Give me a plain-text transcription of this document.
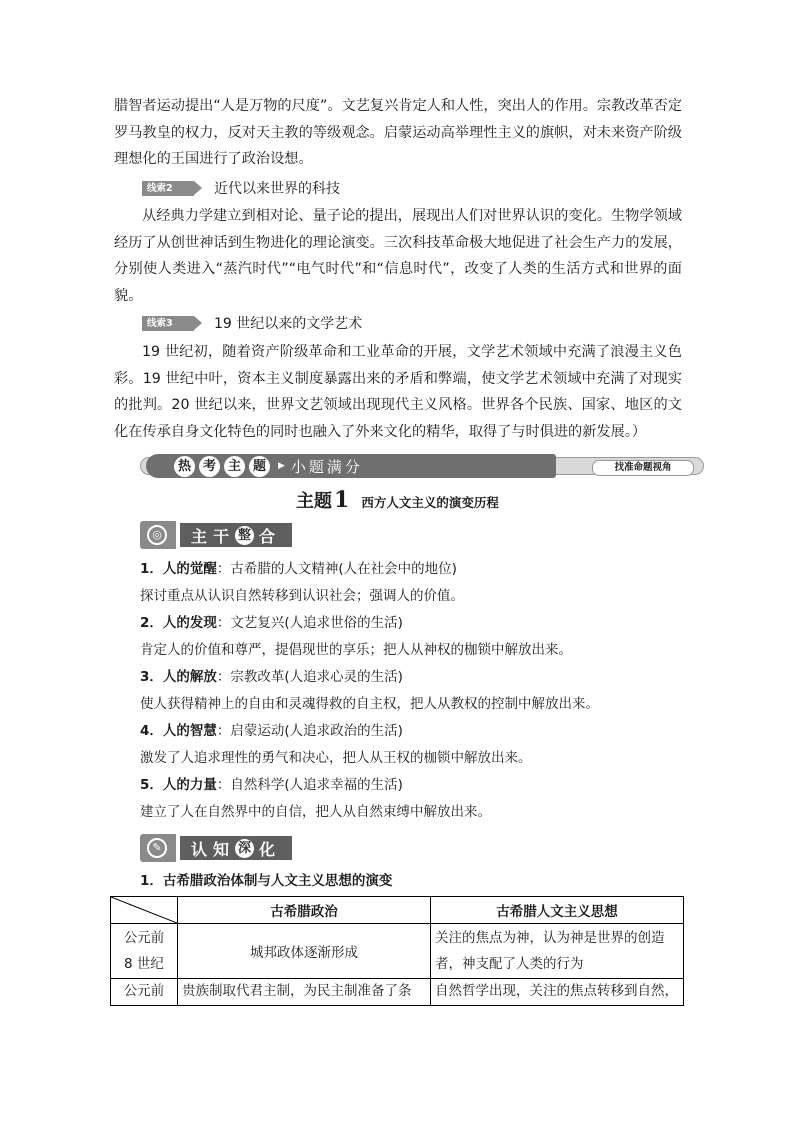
腊智者运动提出“人是万物的尺度”。文艺复兴肯定人和人性，突出人的作用。宗教改革否定罗马教皇的权力，反对天主教的等级观念。启蒙运动高举理性主义的旗帜，对未来资产阶级理想化的王国进行了政治设想。

线索2	近代以来世界的科技

从经典力学建立到相对论、量子论的提出，展现出人们对世界认识的变化。生物学领域经历了从创世神话到生物进化的理论演变。三次科技革命极大地促进了社会生产力的发展，分别使人类进入“蒸汽时代”“电气时代”和“信息时代”，改变了人类的生活方式和世界的面貌。

线索3	19 世纪以来的文学艺术

19 世纪初，随着资产阶级革命和工业革命的开展，文学艺术领域中充满了浪漫主义色彩。19 世纪中叶，资本主义制度暴露出来的矛盾和弊端，使文学艺术领域中充满了对现实的批判。20 世纪以来，世界文艺领域出现现代主义风格。世界各个民族、国家、地区的文化在传承自身文化特色的同时也融入了外来文化的精华，取得了与时俱进的新发展。）

热 考 主 题	▶ 小题满分	找准命题视角
主题 1 西方人文主义的演变历程
◎	主干 整 合
1．人的觉醒：古希腊的人文精神(人在社会中的地位)
探讨重点从认识自然转移到认识社会；强调人的价值。
2．人的发现：文艺复兴(人追求世俗的生活)
肯定人的价值和尊严，提倡现世的享乐；把人从神权的枷锁中解放出来。
3．人的解放：宗教改革(人追求心灵的生活)
使人获得精神上的自由和灵魂得救的自主权，把人从教权的控制中解放出来。
4．人的智慧：启蒙运动(人追求政治的生活)
激发了人追求理性的勇气和决心，把人从王权的枷锁中解放出来。
5．人的力量：自然科学(人追求幸福的生活)
建立了人在自然界中的自信，把人从自然束缚中解放出来。
✎	认知 深 化
1．古希腊政治体制与人文主义思想的演变
	古希腊政治	古希腊人文主义思想

公元前
8 世纪	城邦政体逐渐形成	关注的焦点为神，认为神是世界的创造者，神支配了人类的行为
公元前	贵族制取代君主制，为民主制准备了条	自然哲学出现，关注的焦点转移到自然，
